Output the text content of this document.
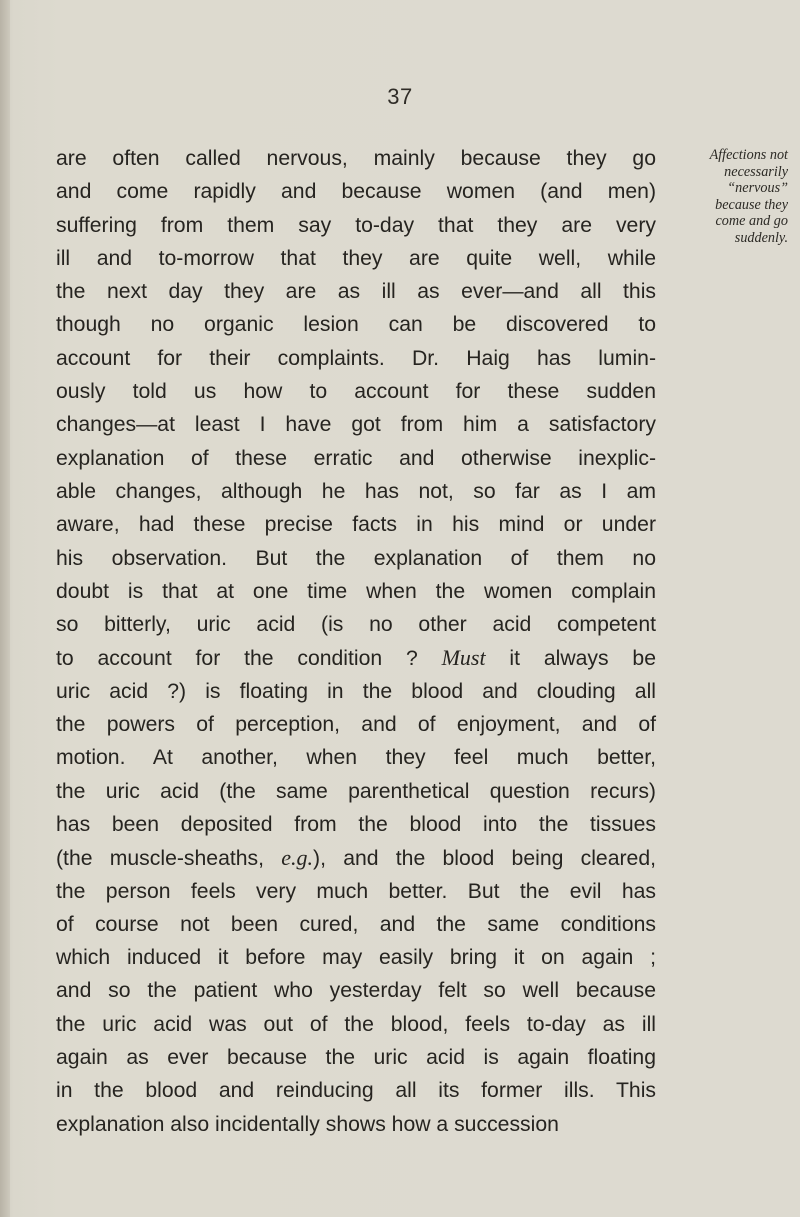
37
Affections not
necessarily
“nervous”
because they
come and go
suddenly.
are often called nervous, mainly because they go
and come rapidly and because women (and men)
suffering from them say to-day that they are very
ill and to-morrow that they are quite well, while
the next day they are as ill as ever—and all this
though no organic lesion can be discovered to
account for their complaints. Dr. Haig has lumin-
ously told us how to account for these sudden
changes—at least I have got from him a satisfactory
explanation of these erratic and otherwise inexplic-
able changes, although he has not, so far as I am
aware, had these precise facts in his mind or under
his observation. But the explanation of them no
doubt is that at one time when the women complain
so bitterly, uric acid (is no other acid competent
to account for the condition ? Must it always be
uric acid ?) is floating in the blood and clouding all
the powers of perception, and of enjoyment, and of
motion. At another, when they feel much better,
the uric acid (the same parenthetical question recurs)
has been deposited from the blood into the tissues
(the muscle-sheaths, e.g.), and the blood being cleared,
the person feels very much better. But the evil has
of course not been cured, and the same conditions
which induced it before may easily bring it on again ;
and so the patient who yesterday felt so well because
the uric acid was out of the blood, feels to-day as ill
again as ever because the uric acid is again floating
in the blood and reinducing all its former ills. This
explanation also incidentally shows how a succession
